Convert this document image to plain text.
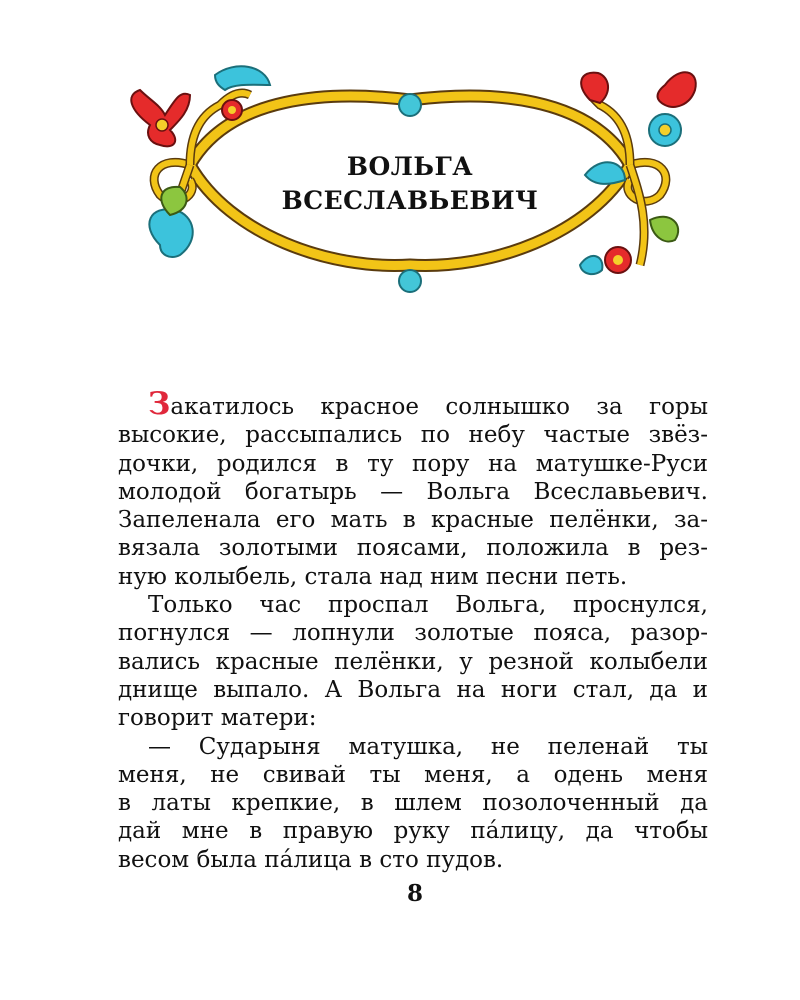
ВОЛЬГА
ВСЕСЛАВЬЕВИЧ
Закатилось красное солнышко за горы
высокие, рассыпались по небу частые звёз-
дочки, родился в ту пору на матушке-Руси
молодой богатырь — Вольга Всеславьевич.
Запеленала его мать в красные пелёнки, за-
вязала золотыми поясами, положила в рез-
ную колыбель, стала над ним песни петь.
Только час проспал Вольга, проснулся,
погнулся — лопнули золотые пояса, разор-
вались красные пелёнки, у резной колыбели
днище выпало. А Вольга на ноги стал, да и
говорит матери:
— Сударыня матушка, не пеленай ты
меня, не свивай ты меня, а одень меня
в латы крепкие, в шлем позолоченный да
дай мне в правую руку па́лицу, да чтобы
весом была па́лица в сто пудов.
8
